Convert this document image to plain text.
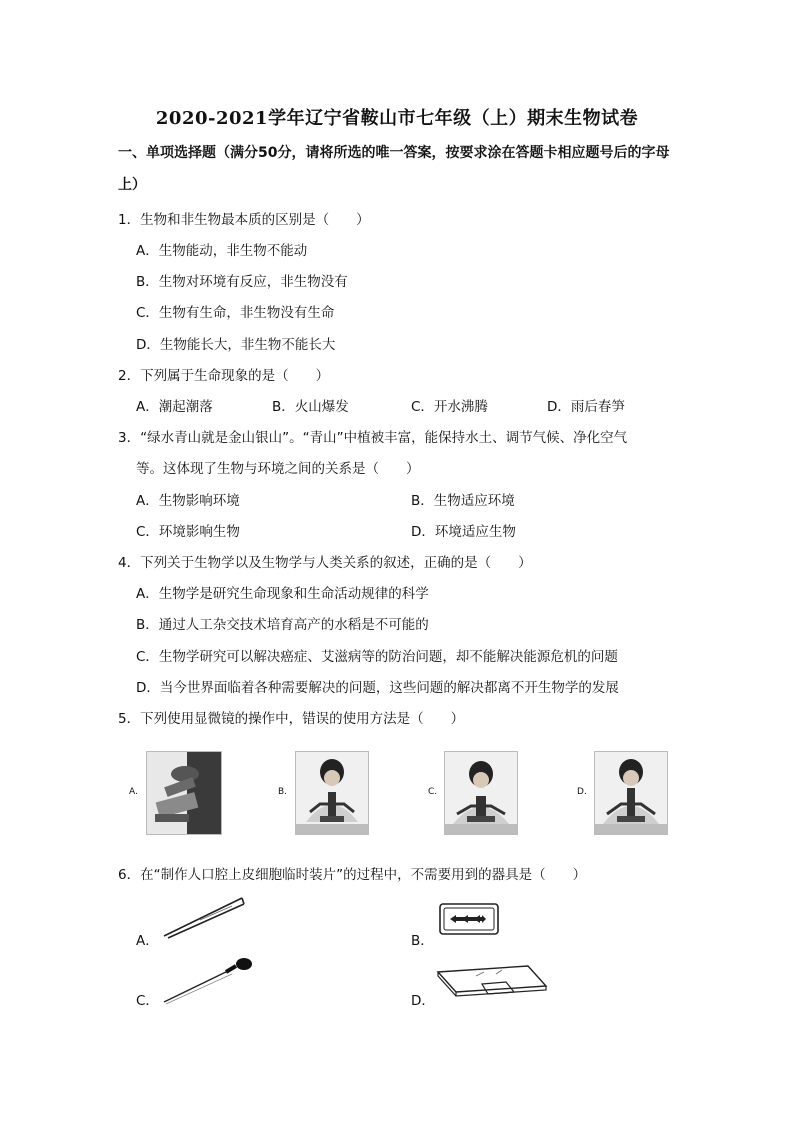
2020-2021学年辽宁省鞍山市七年级（上）期末生物试卷
一、单项选择题（满分50分，请将所选的唯一答案，按要求涂在答题卡相应题号后的字母
上）
1．生物和非生物最本质的区别是（　　）
A．生物能动，非生物不能动
B．生物对环境有反应，非生物没有
C．生物有生命，非生物没有生命
D．生物能长大，非生物不能长大
2．下列属于生命现象的是（　　）
A．潮起潮落	B．火山爆发	C．开水沸腾	D．雨后春笋
3．“绿水青山就是金山银山”。“青山”中植被丰富，能保持水土、调节气候、净化空气
等。这体现了生物与环境之间的关系是（　　）
A．生物影响环境	B．生物适应环境
C．环境影响生物	D．环境适应生物
4．下列关于生物学以及生物学与人类关系的叙述，正确的是（　　）
A．生物学是研究生命现象和生命活动规律的科学
B．通过人工杂交技术培育高产的水稻是不可能的
C．生物学研究可以解决癌症、艾滋病等的防治问题，却不能解决能源危机的问题
D．当今世界面临着各种需要解决的问题，这些问题的解决都离不开生物学的发展
5．下列使用显微镜的操作中，错误的使用方法是（　　）
A.	B.	C.	D.
6．在“制作人口腔上皮细胞临时装片”的过程中，不需要用到的器具是（　　）
A．	B．
C．	D．
